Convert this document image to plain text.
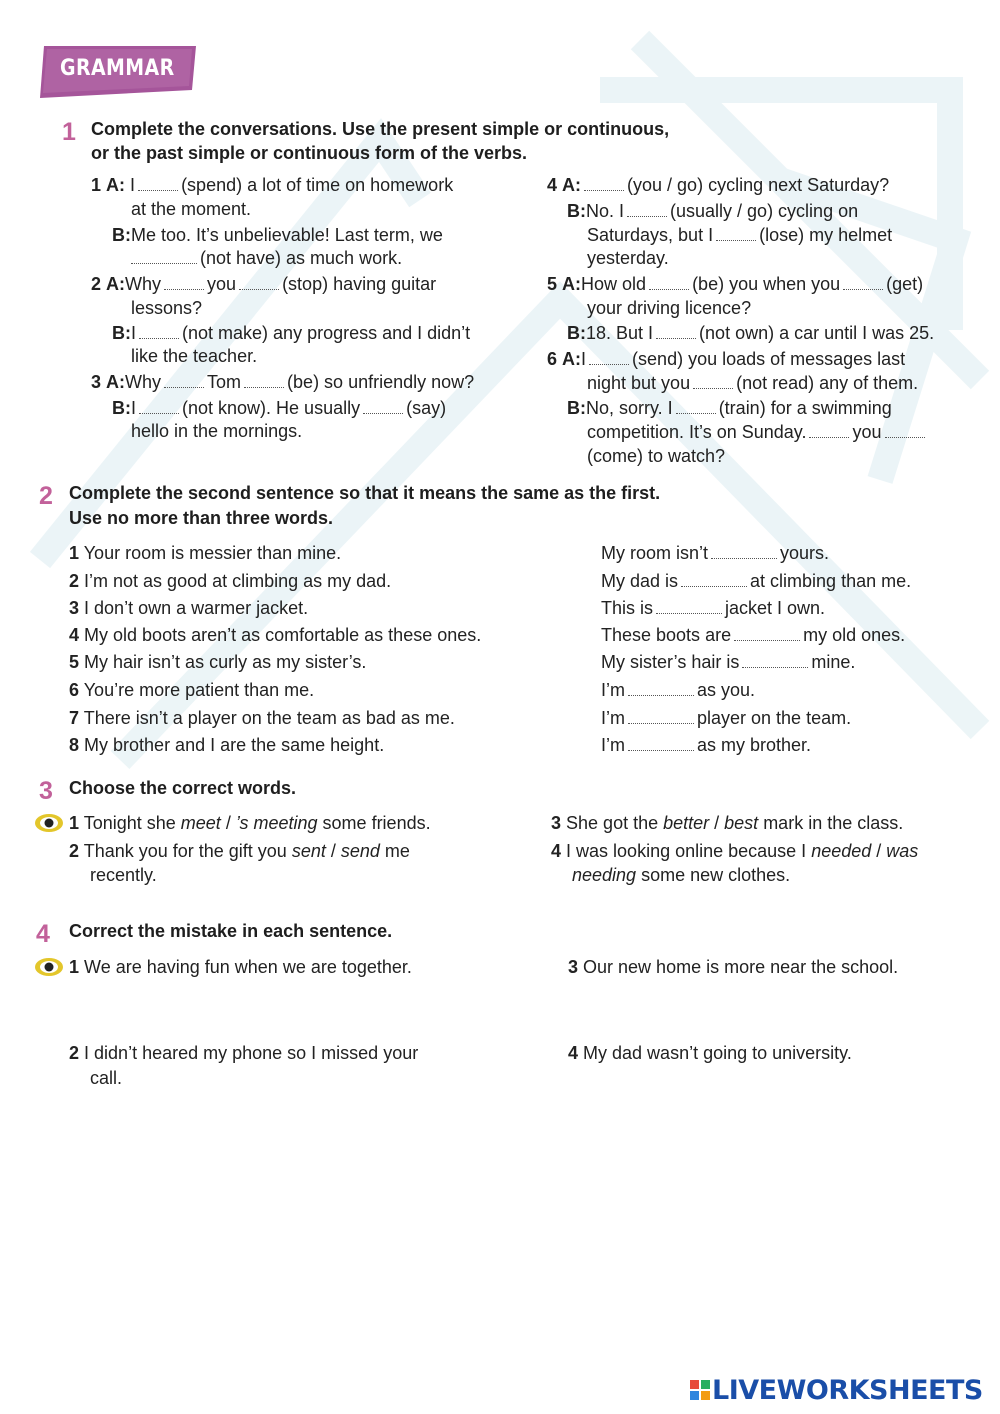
GRAMMAR
1 Complete the conversations. Use the present simple or continuous,
or the past simple or continuous form of the verbs.
1 A: I	(spend) a lot of time on homework
at the moment.
B:Me too. It’s unbelievable! Last term, we
(not have) as much work.
2 A:Why	you	(stop) having guitar
lessons?
B:I	(not make) any progress and I didn’t
like the teacher.
3 A:Why	Tom	(be) so unfriendly now?
B:I	(not know). He usually	(say)
hello in the mornings.
4 A:	(you / go) cycling next Saturday?
B:No. I	(usually / go) cycling on
Saturdays, but I	(lose) my helmet
yesterday.
5 A:How old	(be) you when you	(get)
your driving licence?
B:18. But I	(not own) a car until I was 25.
6 A:I	(send) you loads of messages last
night but you	(not read) any of them.
B:No, sorry. I	(train) for a swimming
competition. It’s on Sunday.	you
(come) to watch?
2 Complete the second sentence so that it means the same as the first.
Use no more than three words.
1 Your room is messier than mine.	My room isn’t	yours.
2 I’m not as good at climbing as my dad.	My dad is	at climbing than me.
3 I don’t own a warmer jacket.	This is	jacket I own.
4 My old boots aren’t as comfortable as these ones.	These boots are	my old ones.
5 My hair isn’t as curly as my sister’s.	My sister’s hair is	mine.
6 You’re more patient than me.	I’m	as you.
7 There isn’t a player on the team as bad as me.	I’m	player on the team.
8 My brother and I are the same height.	I’m	as my brother.
3 Choose the correct words.
1 Tonight she meet / ’s meeting some friends.
2 Thank you for the gift you sent / send me
recently.
3 She got the better / best mark in the class.
4 I was looking online because I needed / was
needing some new clothes.
4 Correct the mistake in each sentence.
1 We are having fun when we are together.	3 Our new home is more near the school.
2 I didn’t heared my phone so I missed your
call.
4 My dad wasn’t going to university.
LIVEWORKSHEETS
